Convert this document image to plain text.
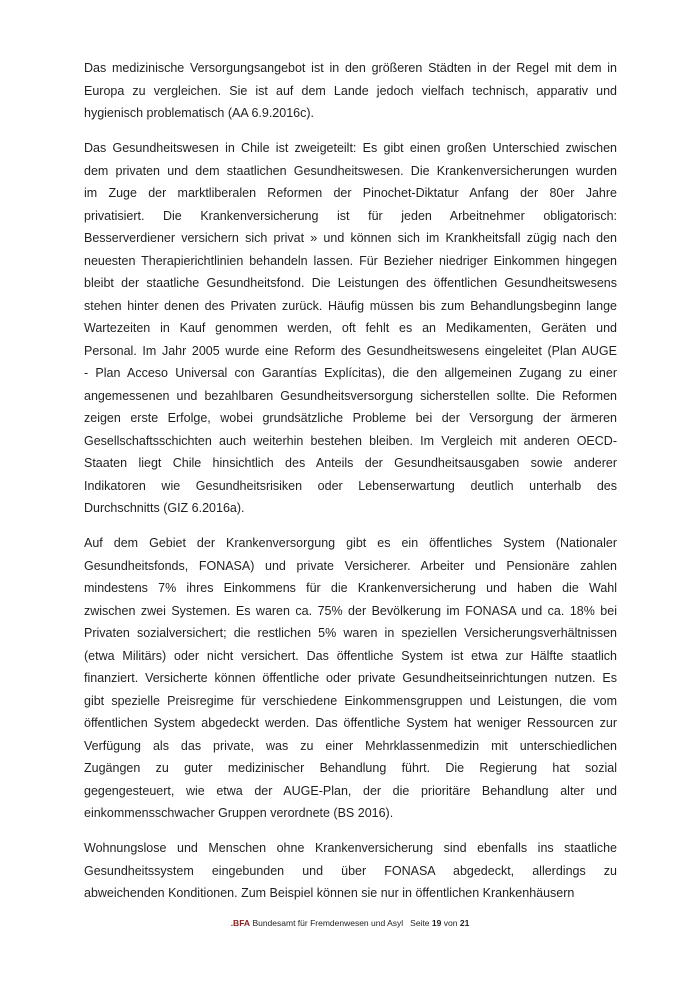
Das medizinische Versorgungsangebot ist in den größeren Städten in der Regel mit dem in
Europa zu vergleichen. Sie ist auf dem Lande jedoch vielfach technisch, apparativ und
hygienisch problematisch (AA 6.9.2016c).

Das Gesundheitswesen in Chile ist zweigeteilt: Es gibt einen großen Unterschied zwischen
dem privaten und dem staatlichen Gesundheitswesen. Die Krankenversicherungen wurden
im Zuge der marktliberalen Reformen der Pinochet-Diktatur Anfang der 80er Jahre
privatisiert. Die Krankenversicherung ist für jeden Arbeitnehmer obligatorisch:
Besserverdiener versichern sich privat » und können sich im Krankheitsfall zügig nach den
neuesten Therapierichtlinien behandeln lassen. Für Bezieher niedriger Einkommen hingegen
bleibt der staatliche Gesundheitsfond. Die Leistungen des öffentlichen Gesundheitswesens
stehen hinter denen des Privaten zurück. Häufig müssen bis zum Behandlungsbeginn lange
Wartezeiten in Kauf genommen werden, oft fehlt es an Medikamenten, Geräten und
Personal. Im Jahr 2005 wurde eine Reform des Gesundheitswesens eingeleitet (Plan AUGE
- Plan Acceso Universal con Garantías Explícitas), die den allgemeinen Zugang zu einer
angemessenen und bezahlbaren Gesundheitsversorgung sicherstellen sollte. Die Reformen
zeigen erste Erfolge, wobei grundsätzliche Probleme bei der Versorgung der ärmeren
Gesellschaftsschichten auch weiterhin bestehen bleiben. Im Vergleich mit anderen OECD-
Staaten liegt Chile hinsichtlich des Anteils der Gesundheitsausgaben sowie anderer
Indikatoren wie Gesundheitsrisiken oder Lebenserwartung deutlich unterhalb des
Durchschnitts (GIZ 6.2016a).

Auf dem Gebiet der Krankenversorgung gibt es ein öffentliches System (Nationaler
Gesundheitsfonds, FONASA) und private Versicherer. Arbeiter und Pensionäre zahlen
mindestens 7% ihres Einkommens für die Krankenversicherung und haben die Wahl
zwischen zwei Systemen. Es waren ca. 75% der Bevölkerung im FONASA und ca. 18% bei
Privaten sozialversichert; die restlichen 5% waren in speziellen Versicherungsverhältnissen
(etwa Militärs) oder nicht versichert. Das öffentliche System ist etwa zur Hälfte staatlich
finanziert. Versicherte können öffentliche oder private Gesundheitseinrichtungen nutzen. Es
gibt spezielle Preisregime für verschiedene Einkommensgruppen und Leistungen, die vom
öffentlichen System abgedeckt werden. Das öffentliche System hat weniger Ressourcen zur
Verfügung als das private, was zu einer Mehrklassenmedizin mit unterschiedlichen
Zugängen zu guter medizinischer Behandlung führt. Die Regierung hat sozial
gegengesteuert, wie etwa der AUGE-Plan, der die prioritäre Behandlung alter und
einkommensschwacher Gruppen verordnete (BS 2016).

Wohnungslose und Menschen ohne Krankenversicherung sind ebenfalls ins staatliche
Gesundheitssystem eingebunden und über FONASA abgedeckt, allerdings zu
abweichenden Konditionen. Zum Beispiel können sie nur in öffentlichen Krankenhäusern

.BFA Bundesamt für Fremdenwesen und Asyl Seite 19 von 21
